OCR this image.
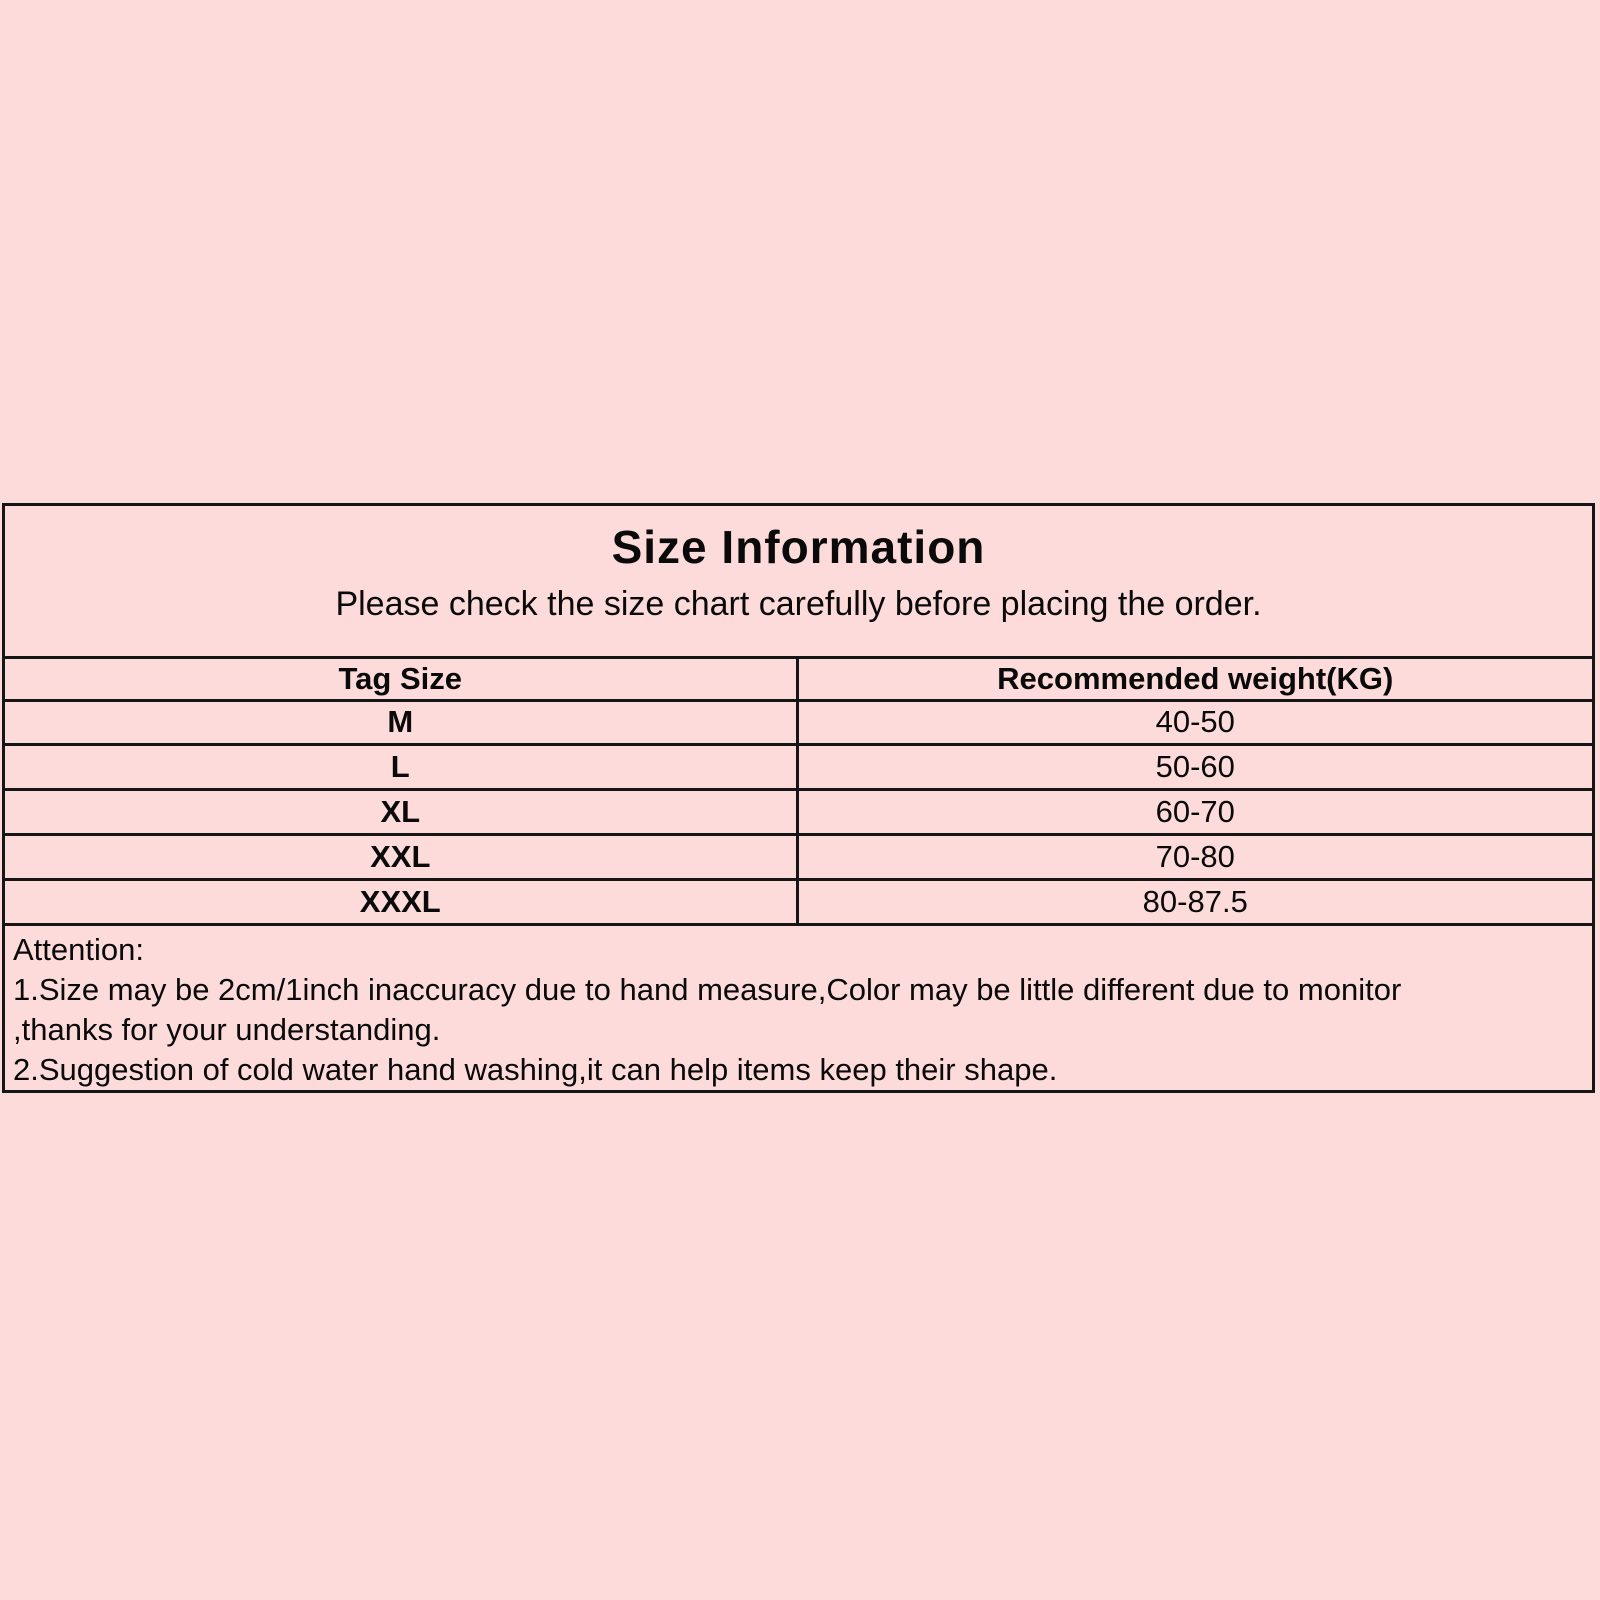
Size Information
Please check the size chart carefully before placing the order.
Tag Size	Recommended weight(KG)
M	40-50
L	50-60
XL	60-70
XXL	70-80
XXXL	80-87.5

Attention:

1.Size may be 2cm/1inch inaccuracy due to hand measure,Color may be little different due to monitor

,thanks for your understanding.

2.Suggestion of cold water hand washing,it can help items keep their shape.
